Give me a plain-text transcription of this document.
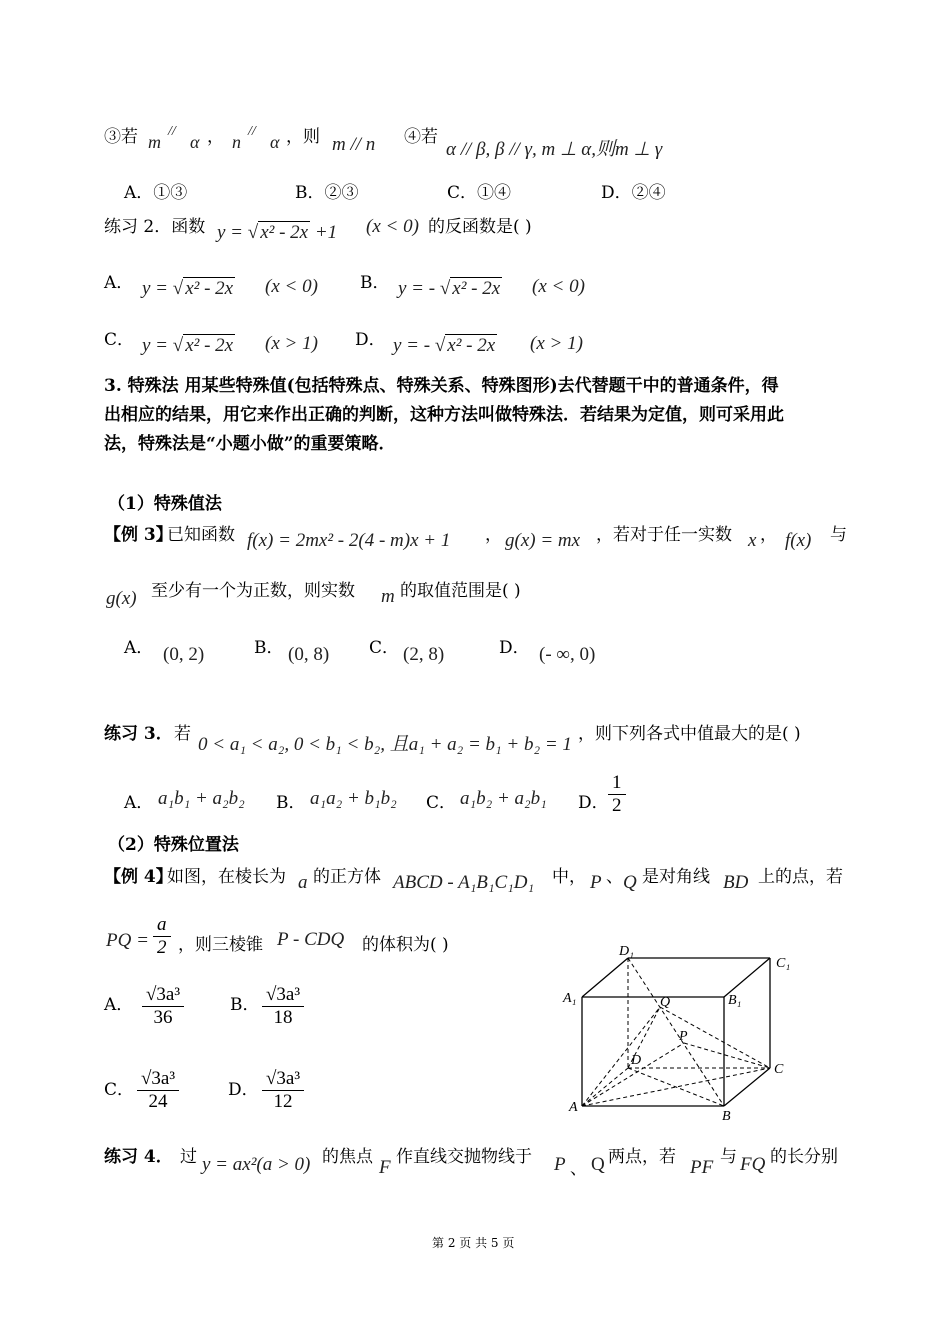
③若 m
//
α ， n
//
α ，则 m // n ④若
α // β, β // γ, m ⊥ α,则m ⊥ γ
A．①③	B．②③	C．①④	D．②④
练习 2．函数 y = √ x² - 2x +1 (x < 0) 的反函数是( )
A． y = √ x² - 2x (x < 0) B． y = - √ x² - 2x (x < 0)
C． y = √ x² - 2x (x > 1) D． y = - √ x² - 2x (x > 1)
3. 特殊法 用某些特殊值(包括特殊点、特殊关系、特殊图形)去代替题干中的普通条件，得
出相应的结果，用它来作出正确的判断，这种方法叫做特殊法．若结果为定值，则可采用此
法，特殊法是“小题小做”的重要策略．
（1）特殊值法
【例 3】
已知函数 f(x) = 2mx² - 2(4 - m)x + 1 ， g(x) = mx ，若对于任一实数 x ， f(x) 与
g(x) 至少有一个为正数，则实数 m 的取值范围是( )
A． (0, 2)	B． (0, 8) C． (2, 8)	D． (- ∞, 0)
练习 3． 若 0 < a₁ < a₂, 0 < b₁ < b₂, 且a₁ + a₂ = b₁ + b₂ = 1 ，则下列各式中值最大的是( )
A． a₁b₁ + a₂b₂ B． a₁a₂ + b₁b₂ C． a₁b₂ + a₂b₁ D． $\frac{1}{2}$
（2）特殊位置法
【例 4】
如图，在棱长为 a 的正方体 ABCD - A₁B₁C₁D₁ 中， P 、 Q 是对角线 BD 上的点，若
PQ = $\frac{a}{2}$ ，则三棱锥 P - CDQ 的体积为( )
A． $\frac{\text{√3a³}}{36}$	B． $\frac{\text{√3a³}}{18}$
C． $\frac{\text{√3a³}}{24}$	D． $\frac{\text{√3a³}}{12}$
D₁
C₁
A₁	B₁
Q
P
D
C
A
B
练习 4． 过 y = ax²(a > 0) 的焦点 F 作直线交抛物线于 P 、 Q 两点，若 PF 与 FQ 的长分别
第 2 页 共 5 页
